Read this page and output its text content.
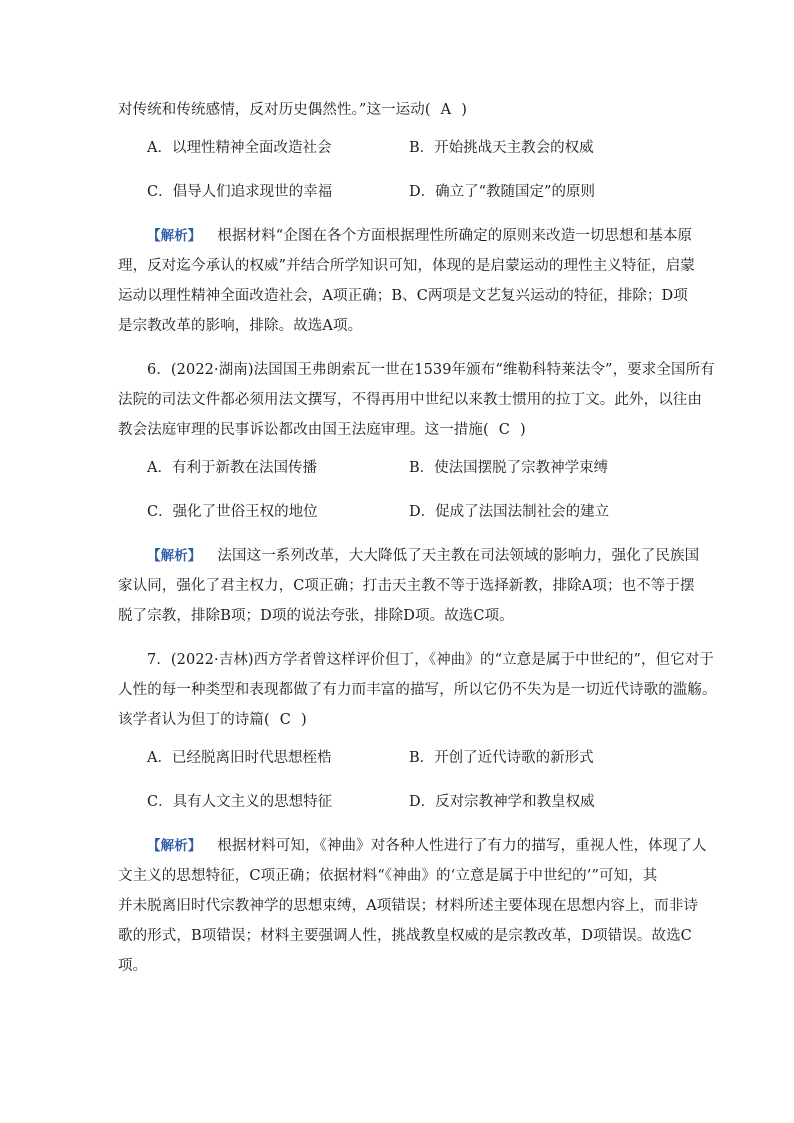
对传统和传统感情，反对历史偶然性。”这一运动( A )
A．以理性精神全面改造社会	B．开始挑战天主教会的权威
C．倡导人们追求现世的幸福	D．确立了“教随国定”的原则
【解析】 根据材料“企图在各个方面根据理性所确定的原则来改造一切思想和基本原
理，反对迄今承认的权威”并结合所学知识可知，体现的是启蒙运动的理性主义特征，启蒙
运动以理性精神全面改造社会，A项正确；B、C两项是文艺复兴运动的特征，排除；D项
是宗教改革的影响，排除。故选A项。
6．(2022·湖南)法国国王弗朗索瓦一世在1539年颁布“维勒科特莱法令”，要求全国所有
法院的司法文件都必须用法文撰写，不得再用中世纪以来教士惯用的拉丁文。此外，以往由
教会法庭审理的民事诉讼都改由国王法庭审理。这一措施( C )
A．有利于新教在法国传播	B．使法国摆脱了宗教神学束缚
C．强化了世俗王权的地位	D．促成了法国法制社会的建立
【解析】 法国这一系列改革，大大降低了天主教在司法领域的影响力，强化了民族国
家认同，强化了君主权力，C项正确；打击天主教不等于选择新教，排除A项；也不等于摆
脱了宗教，排除B项；D项的说法夸张，排除D项。故选C项。
7．(2022·吉林)西方学者曾这样评价但丁，《神曲》的“立意是属于中世纪的”，但它对于
人性的每一种类型和表现都做了有力而丰富的描写，所以它仍不失为是一切近代诗歌的滥觞。
该学者认为但丁的诗篇( C )
A．已经脱离旧时代思想桎梏	B．开创了近代诗歌的新形式
C．具有人文主义的思想特征	D．反对宗教神学和教皇权威
【解析】 根据材料可知，《神曲》对各种人性进行了有力的描写，重视人性，体现了人
文主义的思想特征，C项正确；依据材料“《神曲》的‘立意是属于中世纪的’”可知，其
并未脱离旧时代宗教神学的思想束缚，A项错误；材料所述主要体现在思想内容上，而非诗
歌的形式，B项错误；材料主要强调人性，挑战教皇权威的是宗教改革，D项错误。故选C
项。
